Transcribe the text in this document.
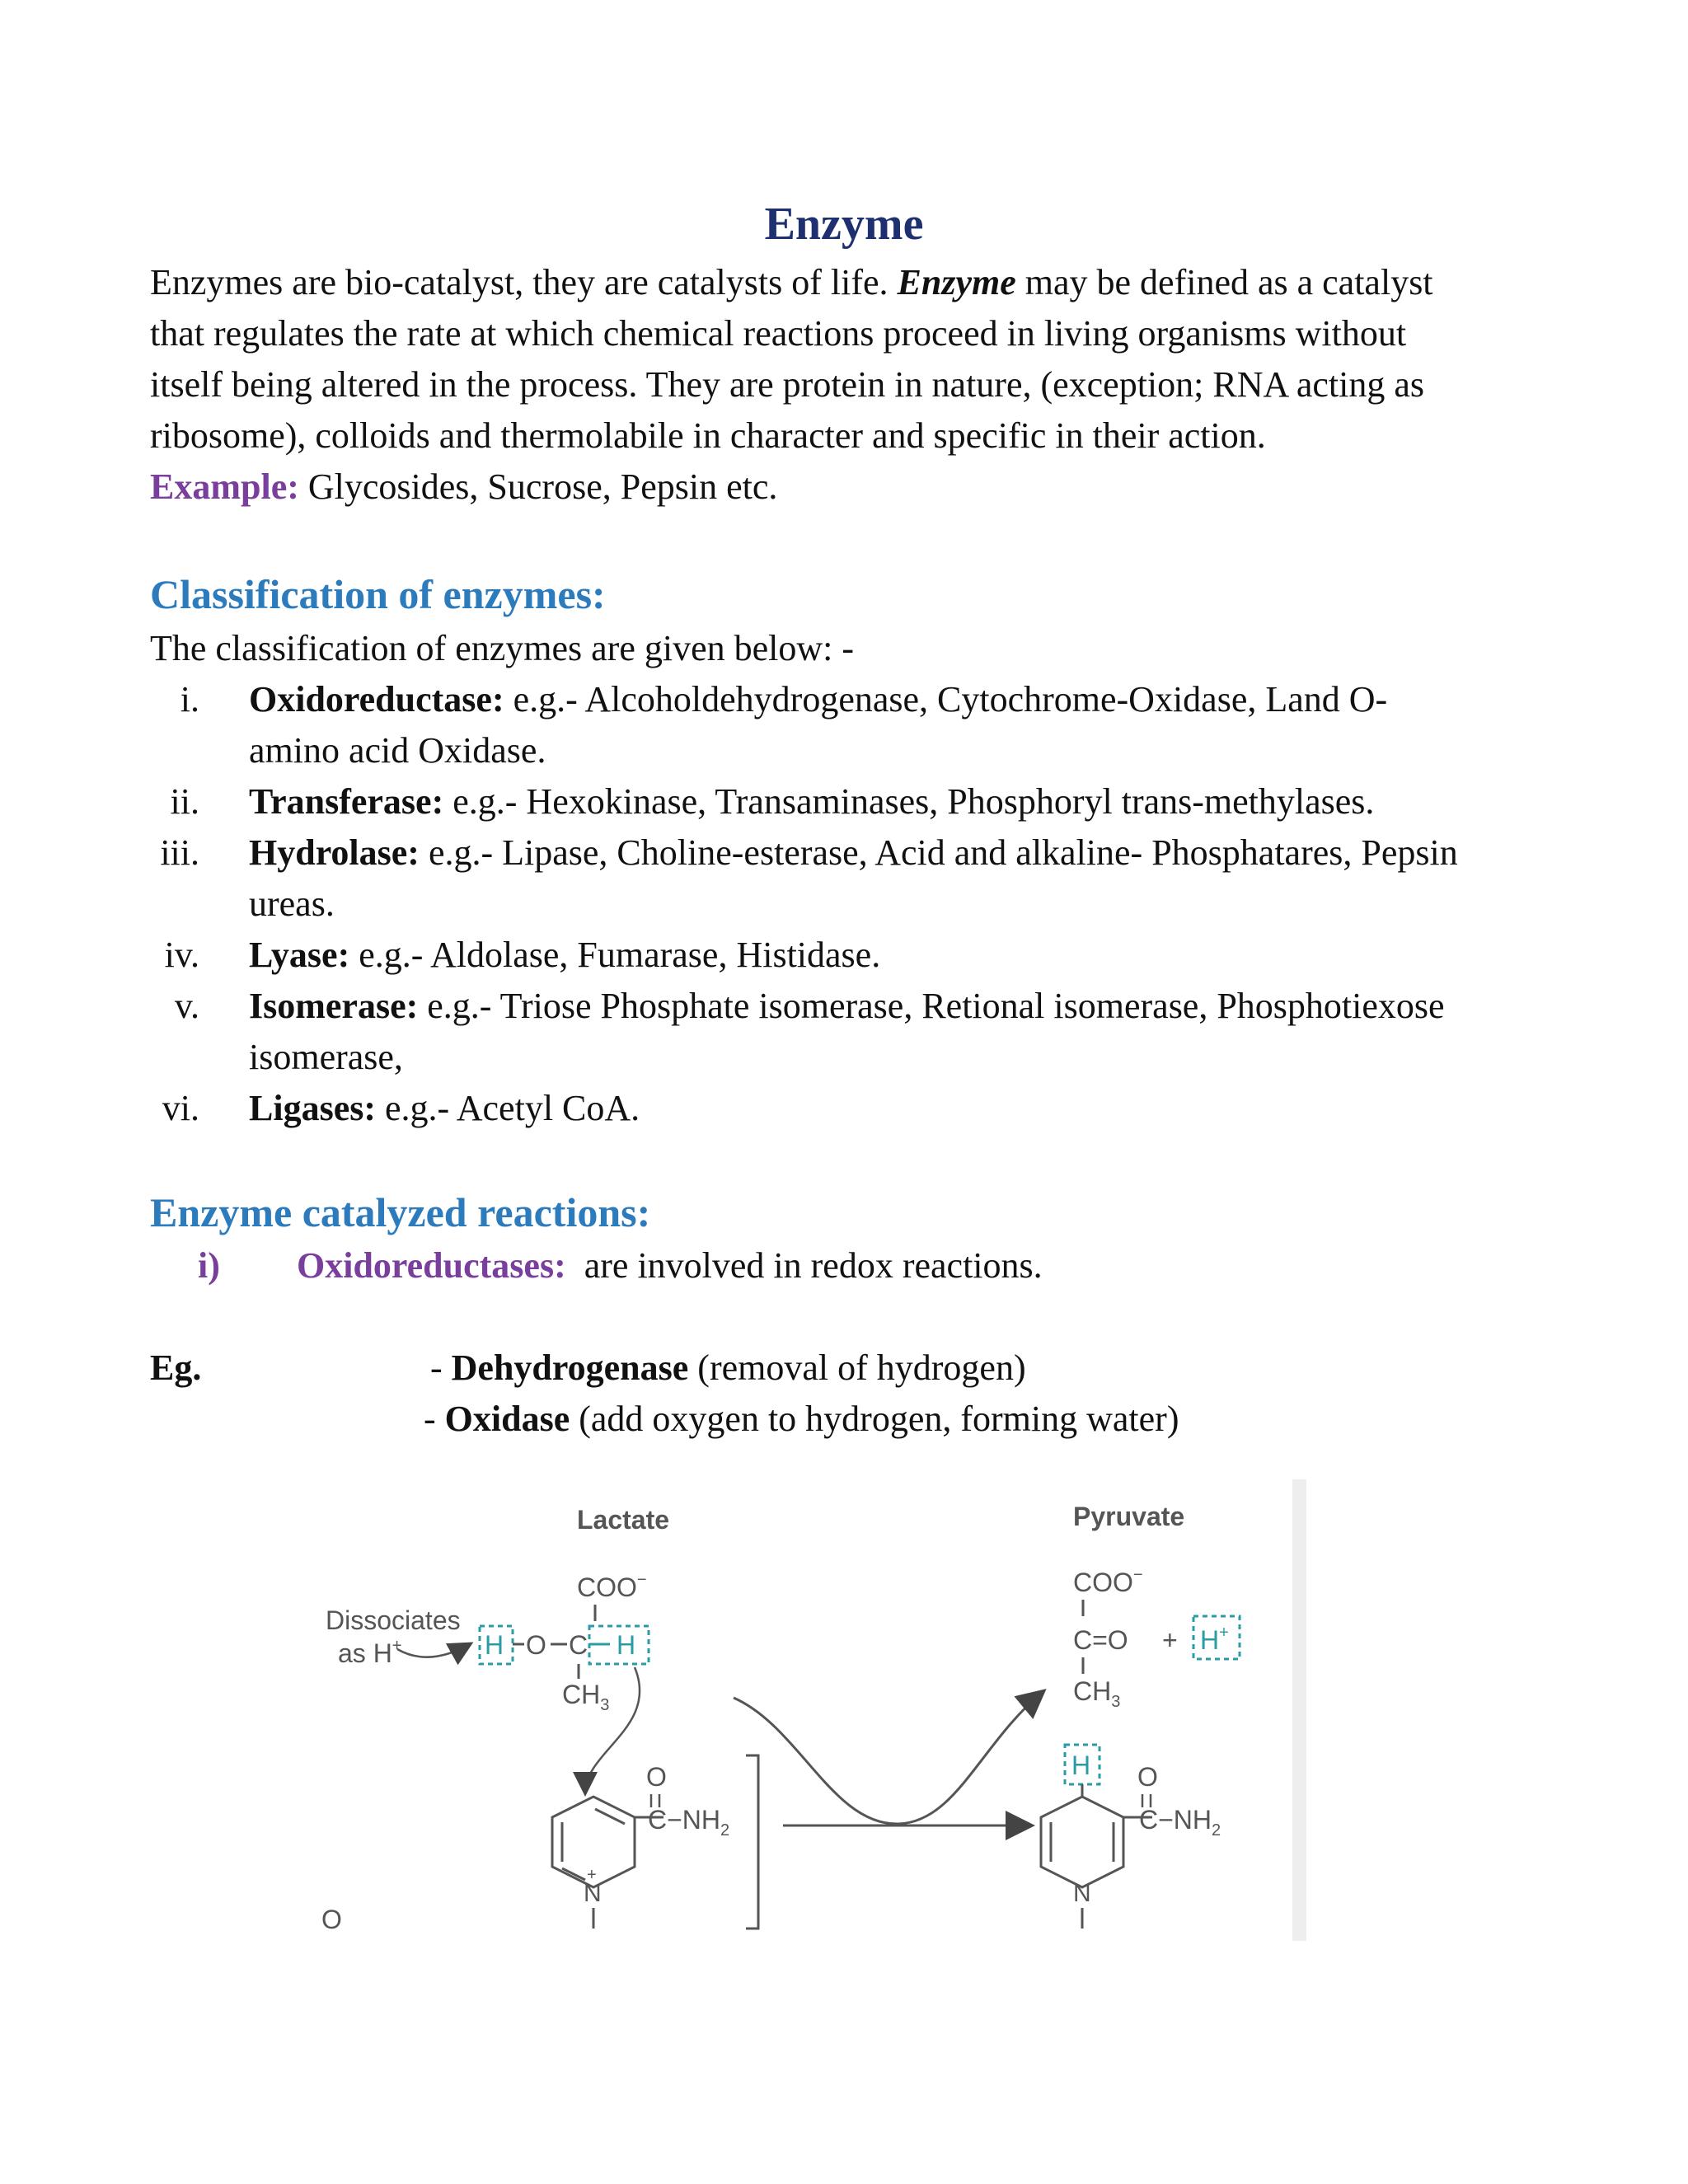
Enzyme

Enzymes are bio-catalyst, they are catalysts of life. Enzyme may be defined as a catalyst

that regulates the rate at which chemical reactions proceed in living organisms without

itself being altered in the process. They are protein in nature, (exception; RNA acting as

ribosome), colloids and thermolabile in character and specific in their action.

Example: Glycosides, Sucrose, Pepsin etc.

Classification of enzymes:

The classification of enzymes are given below: -

i. Oxidoreductase: e.g.- Alcoholdehydrogenase, Cytochrome-Oxidase, Land O-

amino acid Oxidase.

ii. Transferase: e.g.- Hexokinase, Transaminases, Phosphoryl trans-methylases.

iii. Hydrolase: e.g.- Lipase, Choline-esterase, Acid and alkaline- Phosphatares, Pepsin

ureas.

iv. Lyase: e.g.- Aldolase, Fumarase, Histidase.

v. Isomerase: e.g.- Triose Phosphate isomerase, Retional isomerase, Phosphotiexose

isomerase,

vi. Ligases: e.g.- Acetyl CoA.

Enzyme catalyzed reactions:
i) Oxidoreductases: are involved in redox reactions.
Eg.	- Dehydrogenase (removal of hydrogen)
- Oxidase (add oxygen to hydrogen, forming water)
Lactate	Pyruvate
COO−
Dissociates
as H+	H O C H
$CH_3$
N
+
O
$C-NH_2$
O
COO−
C=O + H+
$CH_3$
H
N
O
$C-NH_2$
